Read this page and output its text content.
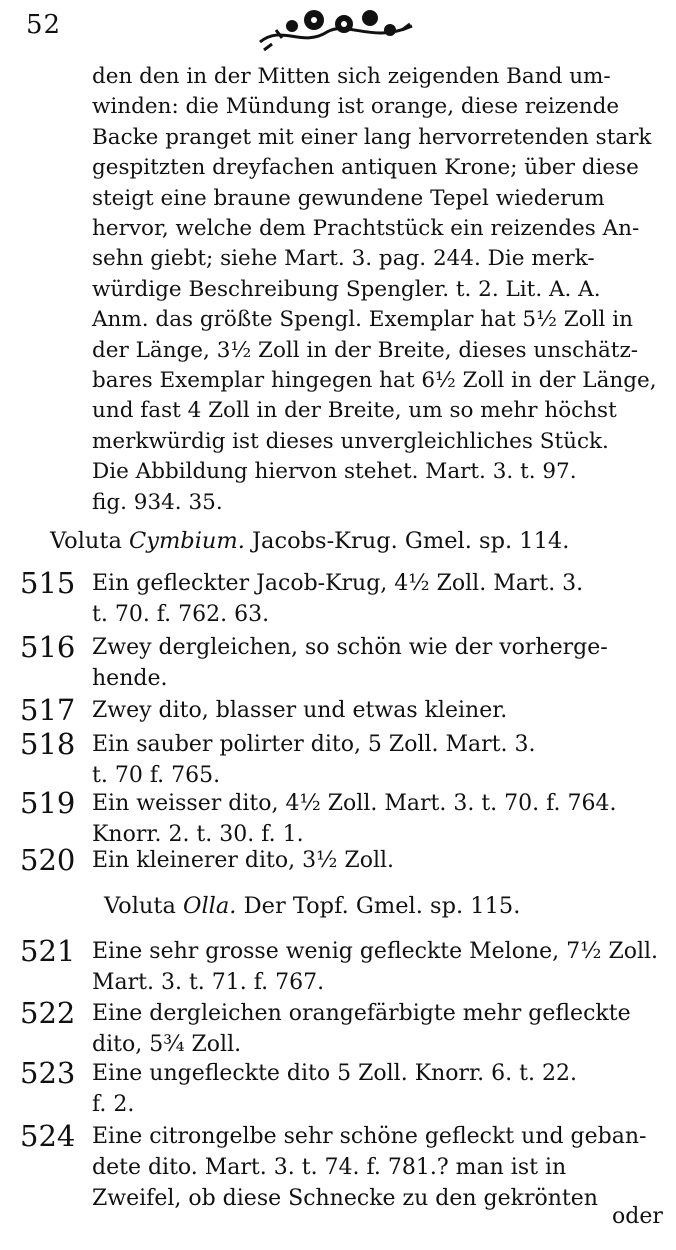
52
den den in der Mitten sich zeigenden Band um-
winden: die Mündung ist orange, diese reizende
Backe pranget mit einer lang hervorretenden stark
gespitzten dreyfachen antiquen Krone; über diese
steigt eine braune gewundene Tepel wiederum
hervor, welche dem Prachtstück ein reizendes An-
sehn giebt; siehe Mart. 3. pag. 244. Die merk-
würdige Beschreibung Spengler. t. 2. Lit. A. A.
Anm. das größte Spengl. Exemplar hat 5½ Zoll in
der Länge, 3½ Zoll in der Breite, dieses unschätz-
bares Exemplar hingegen hat 6½ Zoll in der Länge,
und fast 4 Zoll in der Breite, um so mehr höchst
merkwürdig ist dieses unvergleichliches Stück.
Die Abbildung hiervon stehet. Mart. 3. t. 97.
fig. 934. 35.
Voluta Cymbium. Jacobs-Krug. Gmel. sp. 114.
515 Ein gefleckter Jacob-Krug, 4½ Zoll. Mart. 3.
t. 70. f. 762. 63.
516 Zwey dergleichen, so schön wie der vorherge-
hende.
517 Zwey dito, blasser und etwas kleiner.
518 Ein sauber polirter dito, 5 Zoll. Mart. 3.
t. 70 f. 765.
519 Ein weisser dito, 4½ Zoll. Mart. 3. t. 70. f. 764.
Knorr. 2. t. 30. f. 1.
520 Ein kleinerer dito, 3½ Zoll.
Voluta Olla. Der Topf. Gmel. sp. 115.
521 Eine sehr grosse wenig gefleckte Melone, 7½ Zoll.
Mart. 3. t. 71. f. 767.
522 Eine dergleichen orangefärbigte mehr gefleckte
dito, 5¾ Zoll.
523 Eine ungefleckte dito 5 Zoll. Knorr. 6. t. 22.
f. 2.
524 Eine citrongelbe sehr schöne gefleckt und geban-
dete dito. Mart. 3. t. 74. f. 781.? man ist in
Zweifel, ob diese Schnecke zu den gekrönten
oder
